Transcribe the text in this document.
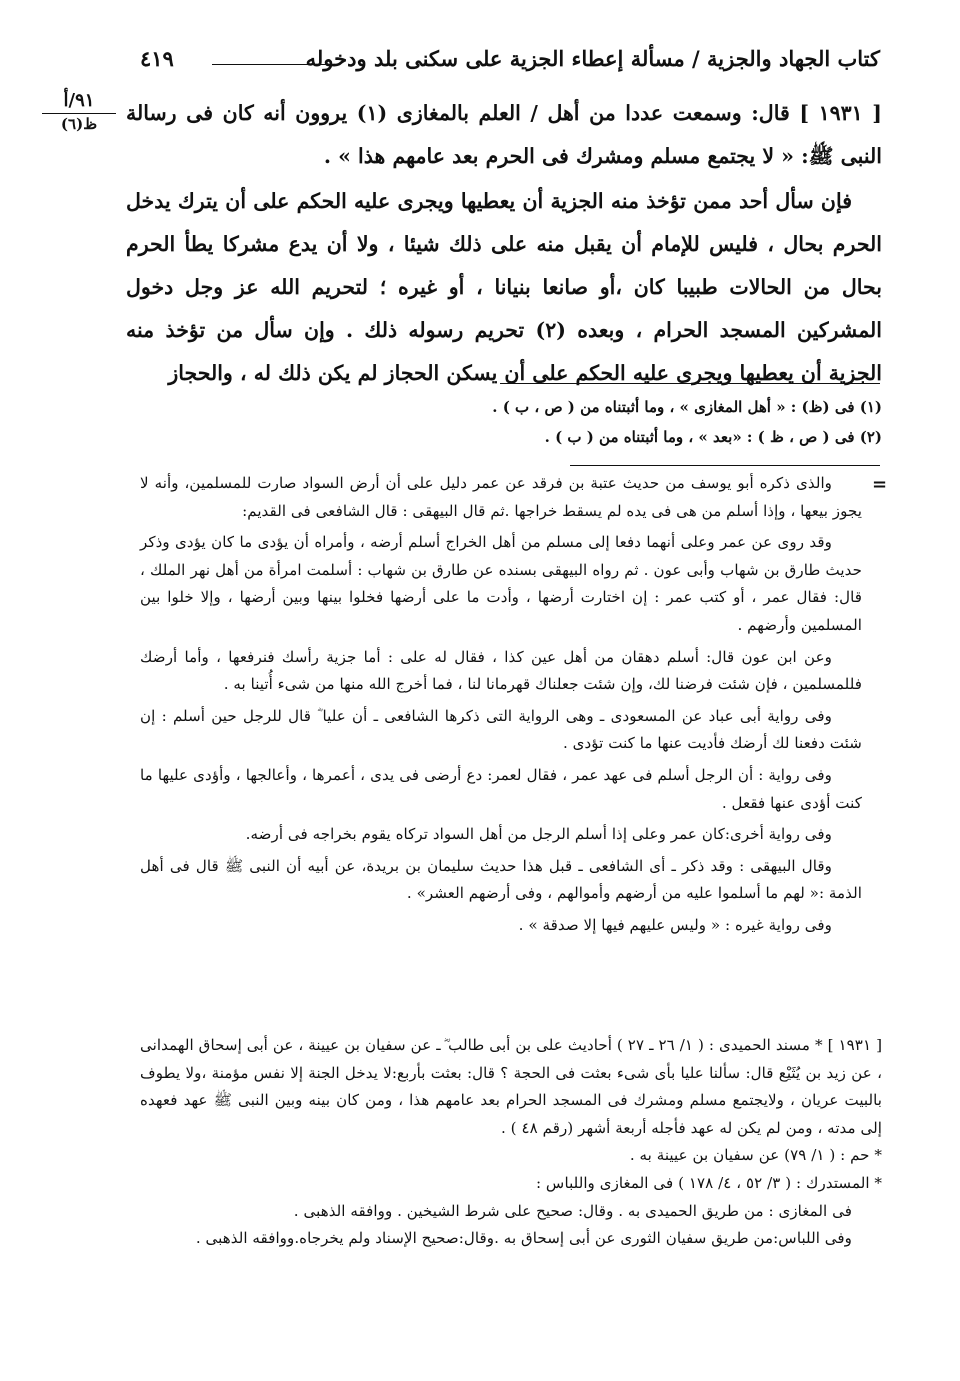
كتاب الجهاد والجزية / مسألة إعطاء الجزية على سكنى بلد ودخوله
٤١٩
٩١/أ
ظ(٦)	[ ١٩٣١ ] قال: وسمعت عددا من أهل / العلم بالمغازى (١) يروون أنه كان فى رسالة النبى ﷺ: « لا يجتمع مسلم ومشرك فى الحرم بعد عامهم هذا » .

فإن سأل أحد ممن تؤخذ منه الجزية أن يعطيها ويجرى عليه الحكم على أن يترك يدخل الحرم بحال ، فليس للإمام أن يقبل منه على ذلك شيئا ، ولا أن يدع مشركا يطأ الحرم بحال من الحالات طبيبا كان ،أو صانعا بنيانا ، أو غيره ؛ لتحريم الله عز وجل دخول المشركين المسجد الحرام ، وبعده (٢) تحريم رسوله ذلك . وإن سأل من تؤخذ منه الجزية أن يعطيها ويجرى عليه الحكم على أن يسكن الحجاز لم يكن ذلك له ، والحجاز

(١) فى (ظ) : « أهل المغازى » ، وما أثبتناه من ( ص ، ب ) .
(٢) فى ( ص ، ظ ) : «بعد » ، وما أثبتناه من ( ب ) .
=

والذى ذكره أبو يوسف من حديث عتبة بن فرقد عن عمر دليل على أن أرض السواد صارت للمسلمين، وأنه لا يجوز بيعها ، وإذا أسلم من هى فى يده لم يسقط خراجها .ثم قال البيهقى : قال الشافعى فى القديم:

وقد روى عن عمر وعلى أنهما دفعا إلى مسلم من أهل الخراج أسلم أرضه ، وأمراه أن يؤدى ما كان يؤدى وذكر حديث طارق بن شهاب وأبى عون . ثم رواه البيهقى بسنده عن طارق بن شهاب : أسلمت امرأة من أهل نهر الملك ، قال: فقال عمر ، أو كتب عمر : إن اختارت أرضها ، وأدت ما على أرضها فخلوا بينها وبين أرضها ، وإلا خلوا بين المسلمين وأرضهم .

وعن ابن عون قال: أسلم دهقان من أهل عين كذا ، فقال له على : أما جزية رأسك فنرفعها ، وأما أرضك فللمسلمين ، فإن شئت فرضنا لك، وإن شئت جعلناك قهرمانا لنا ، فما أخرج الله منها من شىء أُتينا به .

وفى رواية أبى عباد عن المسعودى ـ وهى الرواية التى ذكرها الشافعى ـ أن عليا ؓ قال للرجل حين أسلم : إن شئت دفعنا لك أرضك فأديت عنها ما كنت تؤدى .

وفى رواية : أن الرجل أسلم فى عهد عمر ، فقال لعمر: دع أرضى فى يدى ، أعمرها ، وأعالجها ، وأؤدى عليها ما كنت أؤدى عنها فقعل .

وفى رواية أخرى:كان عمر وعلى إذا أسلم الرجل من أهل السواد تركاه يقوم بخراجه فى أرضه.

وقال البيهقى : وقد ذكر ـ أى الشافعى ـ قبل هذا حديث سليمان بن بريدة، عن أبيه أن النبى ﷺ قال فى أهل الذمة :« لهم ما أسلموا عليه من أرضهم وأموالهم ، وفى أرضهم العشر» .

وفى رواية غيره : « وليس عليهم فيها إلا صدقة » .

[ ١٩٣١ ] * مسند الحميدى : ( ١/ ٢٦ ـ ٢٧ ) أحاديث على بن أبى طالب ؓ ـ عن سفيان بن عيينة ، عن أبى إسحاق الهمدانى ، عن زيد بن يُثَيْع قال: سألنا عليا بأى شىء بعثت فى الحجة ؟ قال: بعثت بأربع:لا يدخل الجنة إلا نفس مؤمنة ،ولا يطوف بالبيت عريان ، ولايجتمع مسلم ومشرك فى المسجد الحرام بعد عامهم هذا ، ومن كان بينه وبين النبى ﷺ عهد فعهده إلى مدته ، ومن لم يكن له عهد فأجله أربعة أشهر (رقم ٤٨ ) .

* حم : ( ١/ ٧٩) عن سفيان بن عيينة به .

* المستدرك : ( ٣/ ٥٢ ، ٤/ ١٧٨ ) فى المغازى واللباس :

فى المغازى : من طريق الحميدى به . وقال: صحيح على شرط الشيخين . ووافقه الذهبى .

وفى اللباس:من طريق سفيان الثورى عن أبى إسحاق به .وقال:صحيح الإسناد ولم يخرجاه.ووافقه الذهبى .
